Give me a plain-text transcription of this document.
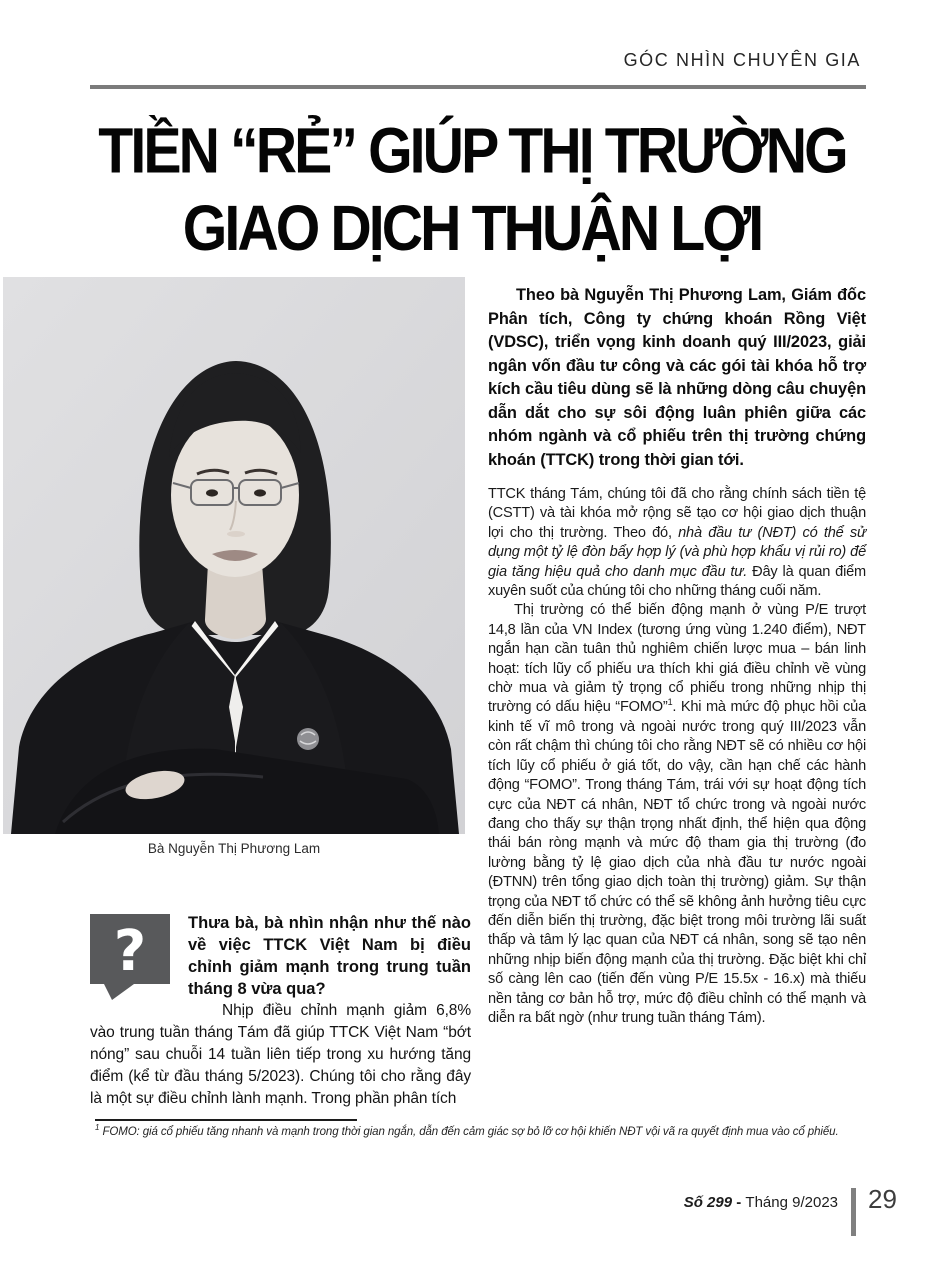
GÓC NHÌN CHUYÊN GIA
TIỀN “RẺ” GIÚP THỊ TRƯỜNG
GIAO DỊCH THUẬN LỢI
Bà Nguyễn Thị Phương Lam
?	Thưa bà, bà nhìn nhận như thế nào về việc TTCK Việt Nam bị điều chỉnh giảm mạnh trong trung tuần tháng 8 vừa qua?

Nhịp điều chỉnh mạnh giảm 6,8% vào trung tuần tháng Tám đã giúp TTCK Việt Nam “bớt nóng” sau chuỗi 14 tuần liên tiếp trong xu hướng tăng điểm (kể từ đầu tháng 5/2023). Chúng tôi cho rằng đây là một sự điều chỉnh lành mạnh. Trong phần phân tích

Theo bà Nguyễn Thị Phương Lam, Giám đốc Phân tích, Công ty chứng khoán Rồng Việt (VDSC), triển vọng kinh doanh quý III/2023, giải ngân vốn đầu tư công và các gói tài khóa hỗ trợ kích cầu tiêu dùng sẽ là những dòng câu chuyện dẫn dắt cho sự sôi động luân phiên giữa các nhóm ngành và cổ phiếu trên thị trường chứng khoán (TTCK) trong thời gian tới.

TTCK tháng Tám, chúng tôi đã cho rằng chính sách tiền tệ (CSTT) và tài khóa mở rộng sẽ tạo cơ hội giao dịch thuận lợi cho thị trường. Theo đó, nhà đầu tư (NĐT) có thể sử dụng một tỷ lệ đòn bẩy hợp lý (và phù hợp khẩu vị rủi ro) để gia tăng hiệu quả cho danh mục đầu tư. Đây là quan điểm xuyên suốt của chúng tôi cho những tháng cuối năm.

Thị trường có thể biến động mạnh ở vùng P/E trượt 14,8 lần của VN Index (tương ứng vùng 1.240 điểm), NĐT ngắn hạn cần tuân thủ nghiêm chiến lược mua – bán linh hoạt: tích lũy cổ phiếu ưa thích khi giá điều chỉnh về vùng chờ mua và giảm tỷ trọng cổ phiếu trong những nhịp thị trường có dấu hiệu “FOMO”$^1$. Khi mà mức độ phục hồi của kinh tế vĩ mô trong và ngoài nước trong quý III/2023 vẫn còn rất chậm thì chúng tôi cho rằng NĐT sẽ có nhiều cơ hội tích lũy cổ phiếu ở giá tốt, do vậy, cần hạn chế các hành động “FOMO”. Trong tháng Tám, trái với sự hoạt động tích cực của NĐT cá nhân, NĐT tổ chức trong và ngoài nước đang cho thấy sự thận trọng nhất định, thể hiện qua động thái bán ròng mạnh và mức độ tham gia thị trường (đo lường bằng tỷ lệ giao dịch của nhà đầu tư nước ngoài (ĐTNN) trên tổng giao dịch toàn thị trường) giảm. Sự thận trọng của NĐT tổ chức có thể sẽ không ảnh hưởng tiêu cực đến diễn biến thị trường, đặc biệt trong môi trường lãi suất thấp và tâm lý lạc quan của NĐT cá nhân, song sẽ tạo nên những nhịp biến động mạnh của thị trường. Đặc biệt khi chỉ số càng lên cao (tiến đến vùng P/E 15.5x - 16.x) mà thiếu nền tảng cơ bản hỗ trợ, mức độ điều chỉnh có thể mạnh và diễn ra bất ngờ (như trung tuần tháng Tám).

$^1$ FOMO: giá cổ phiếu tăng nhanh và mạnh trong thời gian ngắn, dẫn đến cảm giác sợ bỏ lỡ cơ hội khiến NĐT vội vã ra quyết định mua vào cổ phiếu.
Số 299 - Tháng 9/2023 29
